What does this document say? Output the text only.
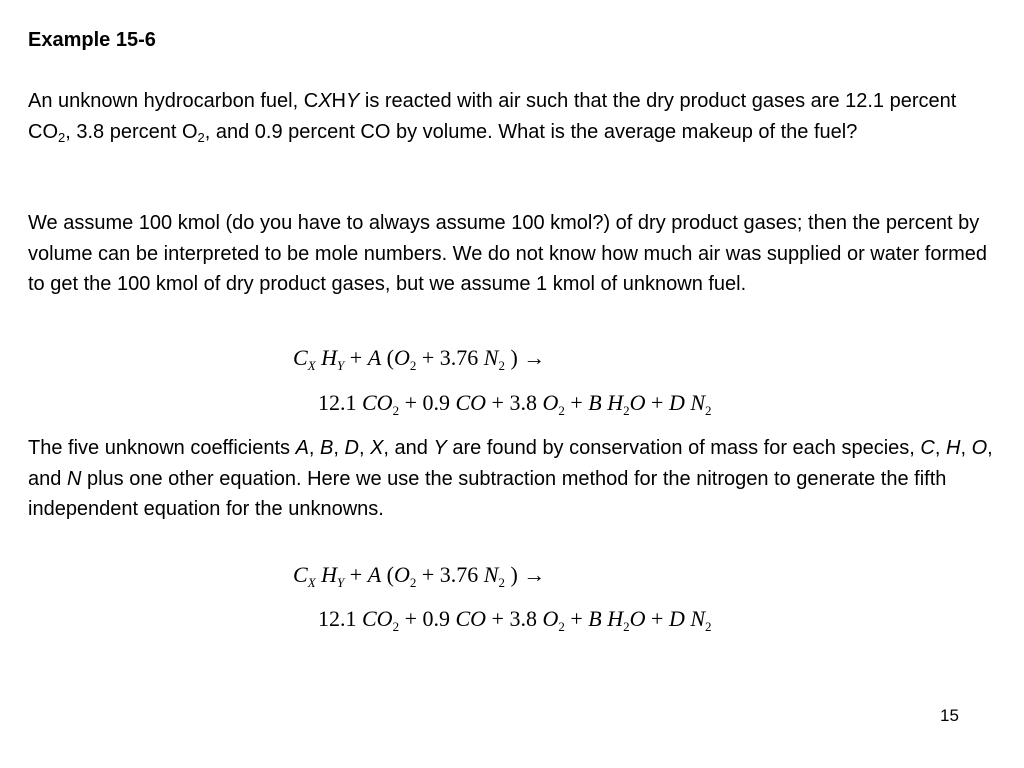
Example 15-6

An unknown hydrocarbon fuel, CXHY is reacted with air such that the dry product gases are 12.1 percent $CO_2$, 3.8 percent $O_2$, and 0.9 percent CO by volume. What is the average makeup of the fuel?

We assume 100 kmol (do you have to always assume 100 kmol?) of dry product gases; then the percent by volume can be interpreted to be mole numbers. We do not know how much air was supplied or water formed to get the 100 kmol of dry product gases, but we assume 1 kmol of unknown fuel.

$C_X$ $H_Y + A$ ($O_2 + 3.76$ $N_2$ ) →
12.1 $CO_2 + 0.9$ CO + 3.8 $O_2 + B$ $H_2O + D$ $N_2$

The five unknown coefficients A, B, D, X, and Y are found by conservation of mass for each species, C, H, O, and N plus one other equation. Here we use the subtraction method for the nitrogen to generate the fifth independent equation for the unknowns.

$C_X$ $H_Y + A$ ($O_2 + 3.76$ $N_2$ ) →
12.1 $CO_2 + 0.9$ CO + 3.8 $O_2 + B$ $H_2O + D$ $N_2$

15
